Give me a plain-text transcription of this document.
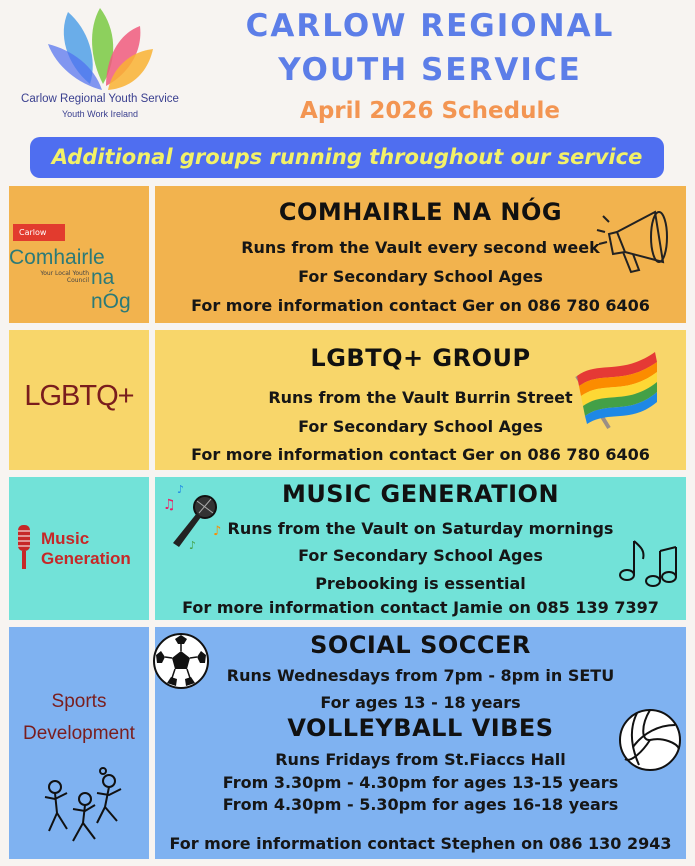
Carlow Regional Youth Service
Youth Work Ireland
CARLOW REGIONAL
YOUTH SERVICE
April 2026 Schedule
Additional groups running throughout our service
Carlow
Comhairle
na nÓg
Your Local Youth Council
COMHAIRLE NA NÓG
Runs from the Vault every second week
For Secondary School Ages
For more information contact Ger on 086 780 6406
LGBTQ+
LGBTQ+ GROUP
Runs from the Vault Burrin Street
For Secondary School Ages
For more information contact Ger on 086 780 6406
Music
Generation
MUSIC GENERATION
Runs from the Vault on Saturday mornings
For Secondary School Ages
Prebooking is essential
For more information contact Jamie on 085 139 7397
♫
♪
♪
♪
Sports
Development
SOCIAL SOCCER
Runs Wednesdays from 7pm - 8pm in SETU
For ages 13 - 18 years
VOLLEYBALL VIBES
Runs Fridays from St.Fiaccs Hall
From 3.30pm - 4.30pm for ages 13-15 years
From 4.30pm - 5.30pm for ages 16-18 years
For more information contact Stephen on 086 130 2943
